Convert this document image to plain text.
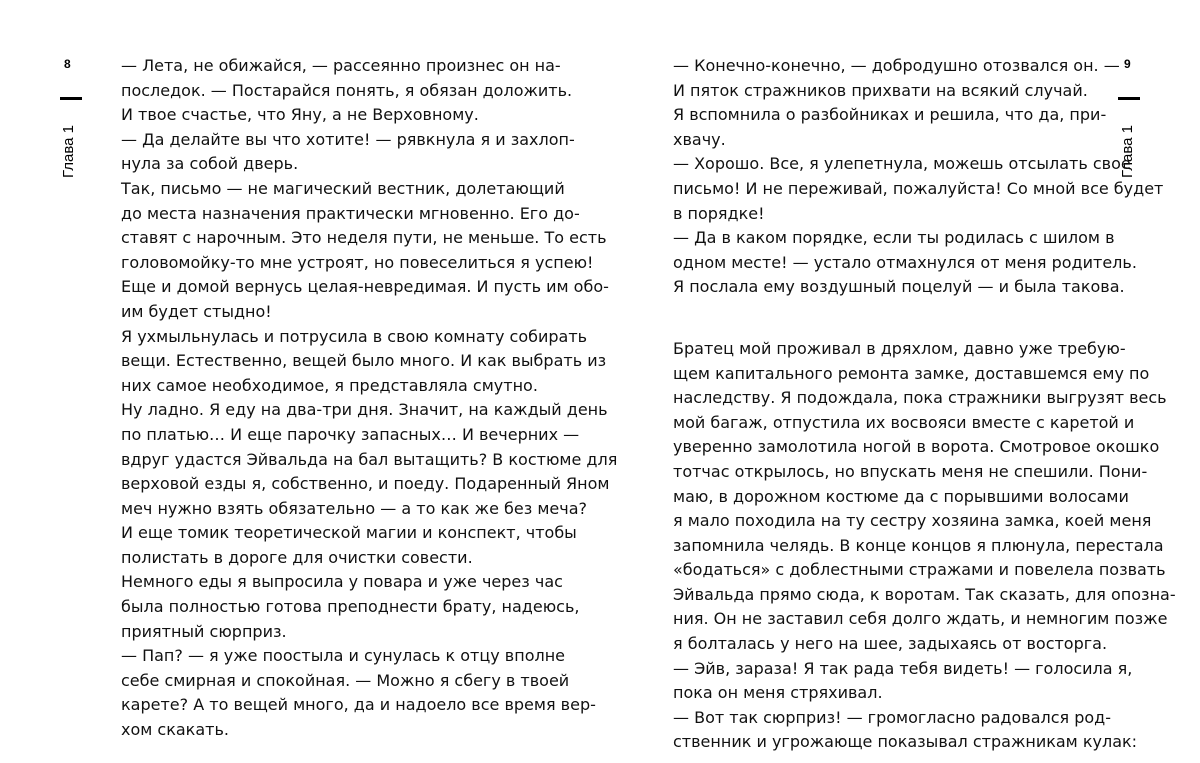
8
Глава 1
— Лета, не обижайся, — рассеянно произнес он на-
последок. — Постарайся понять, я обязан доложить.
И твое счастье, что Яну, а не Верховному.
— Да делайте вы что хотите! — рявкнула я и захлоп-
нула за собой дверь.
Так, письмо — не магический вестник, долетающий
до места назначения практически мгновенно. Его до-
ставят с нарочным. Это неделя пути, не меньше. То есть
головомойку-то мне устроят, но повеселиться я успею!
Еще и домой вернусь целая-невредимая. И пусть им обо-
им будет стыдно!
Я ухмыльнулась и потрусила в свою комнату собирать
вещи. Естественно, вещей было много. И как выбрать из
них самое необходимое, я представляла смутно.
Ну ладно. Я еду на два-три дня. Значит, на каждый день
по платью… И еще парочку запасных… И вечерних —
вдруг удастся Эйвальда на бал вытащить? В костюме для
верховой езды я, собственно, и поеду. Подаренный Яном
меч нужно взять обязательно — а то как же без меча?
И еще томик теоретической магии и конспект, чтобы
полистать в дороге для очистки совести.
Немного еды я выпросила у повара и уже через час
была полностью готова преподнести брату, надеюсь,
приятный сюрприз.
— Пап? — я уже поостыла и сунулась к отцу вполне
себе смирная и спокойная. — Можно я сбегу в твоей
карете? А то вещей много, да и надоело все время вер-
хом скакать.
9
Глава 1
— Конечно-конечно, — добродушно отозвался он. —
И пяток стражников прихвати на всякий случай.
Я вспомнила о разбойниках и решила, что да, при-
хвачу.
— Хорошо. Все, я улепетнула, можешь отсылать свое
письмо! И не переживай, пожалуйста! Со мной все будет
в порядке!
— Да в каком порядке, если ты родилась с шилом в
одном месте! — устало отмахнулся от меня родитель.
Я послала ему воздушный поцелуй — и была такова.
Братец мой проживал в дряхлом, давно уже требую-
щем капитального ремонта замке, доставшемся ему по
наследству. Я подождала, пока стражники выгрузят весь
мой багаж, отпустила их восвояси вместе с каретой и
уверенно замолотила ногой в ворота. Смотровое окошко
тотчас открылось, но впускать меня не спешили. Пони-
маю, в дорожном костюме да с порывшими волосами
я мало походила на ту сестру хозяина замка, коей меня
запомнила челядь. В конце концов я плюнула, перестала
«бодаться» с доблестными стражами и повелела позвать
Эйвальда прямо сюда, к воротам. Так сказать, для опозна-
ния. Он не заставил себя долго ждать, и немногим позже
я болталась у него на шее, задыхаясь от восторга.
— Эйв, зараза! Я так рада тебя видеть! — голосила я,
пока он меня стряхивал.
— Вот так сюрприз! — громогласно радовался род-
ственник и угрожающе показывал стражникам кулак:
